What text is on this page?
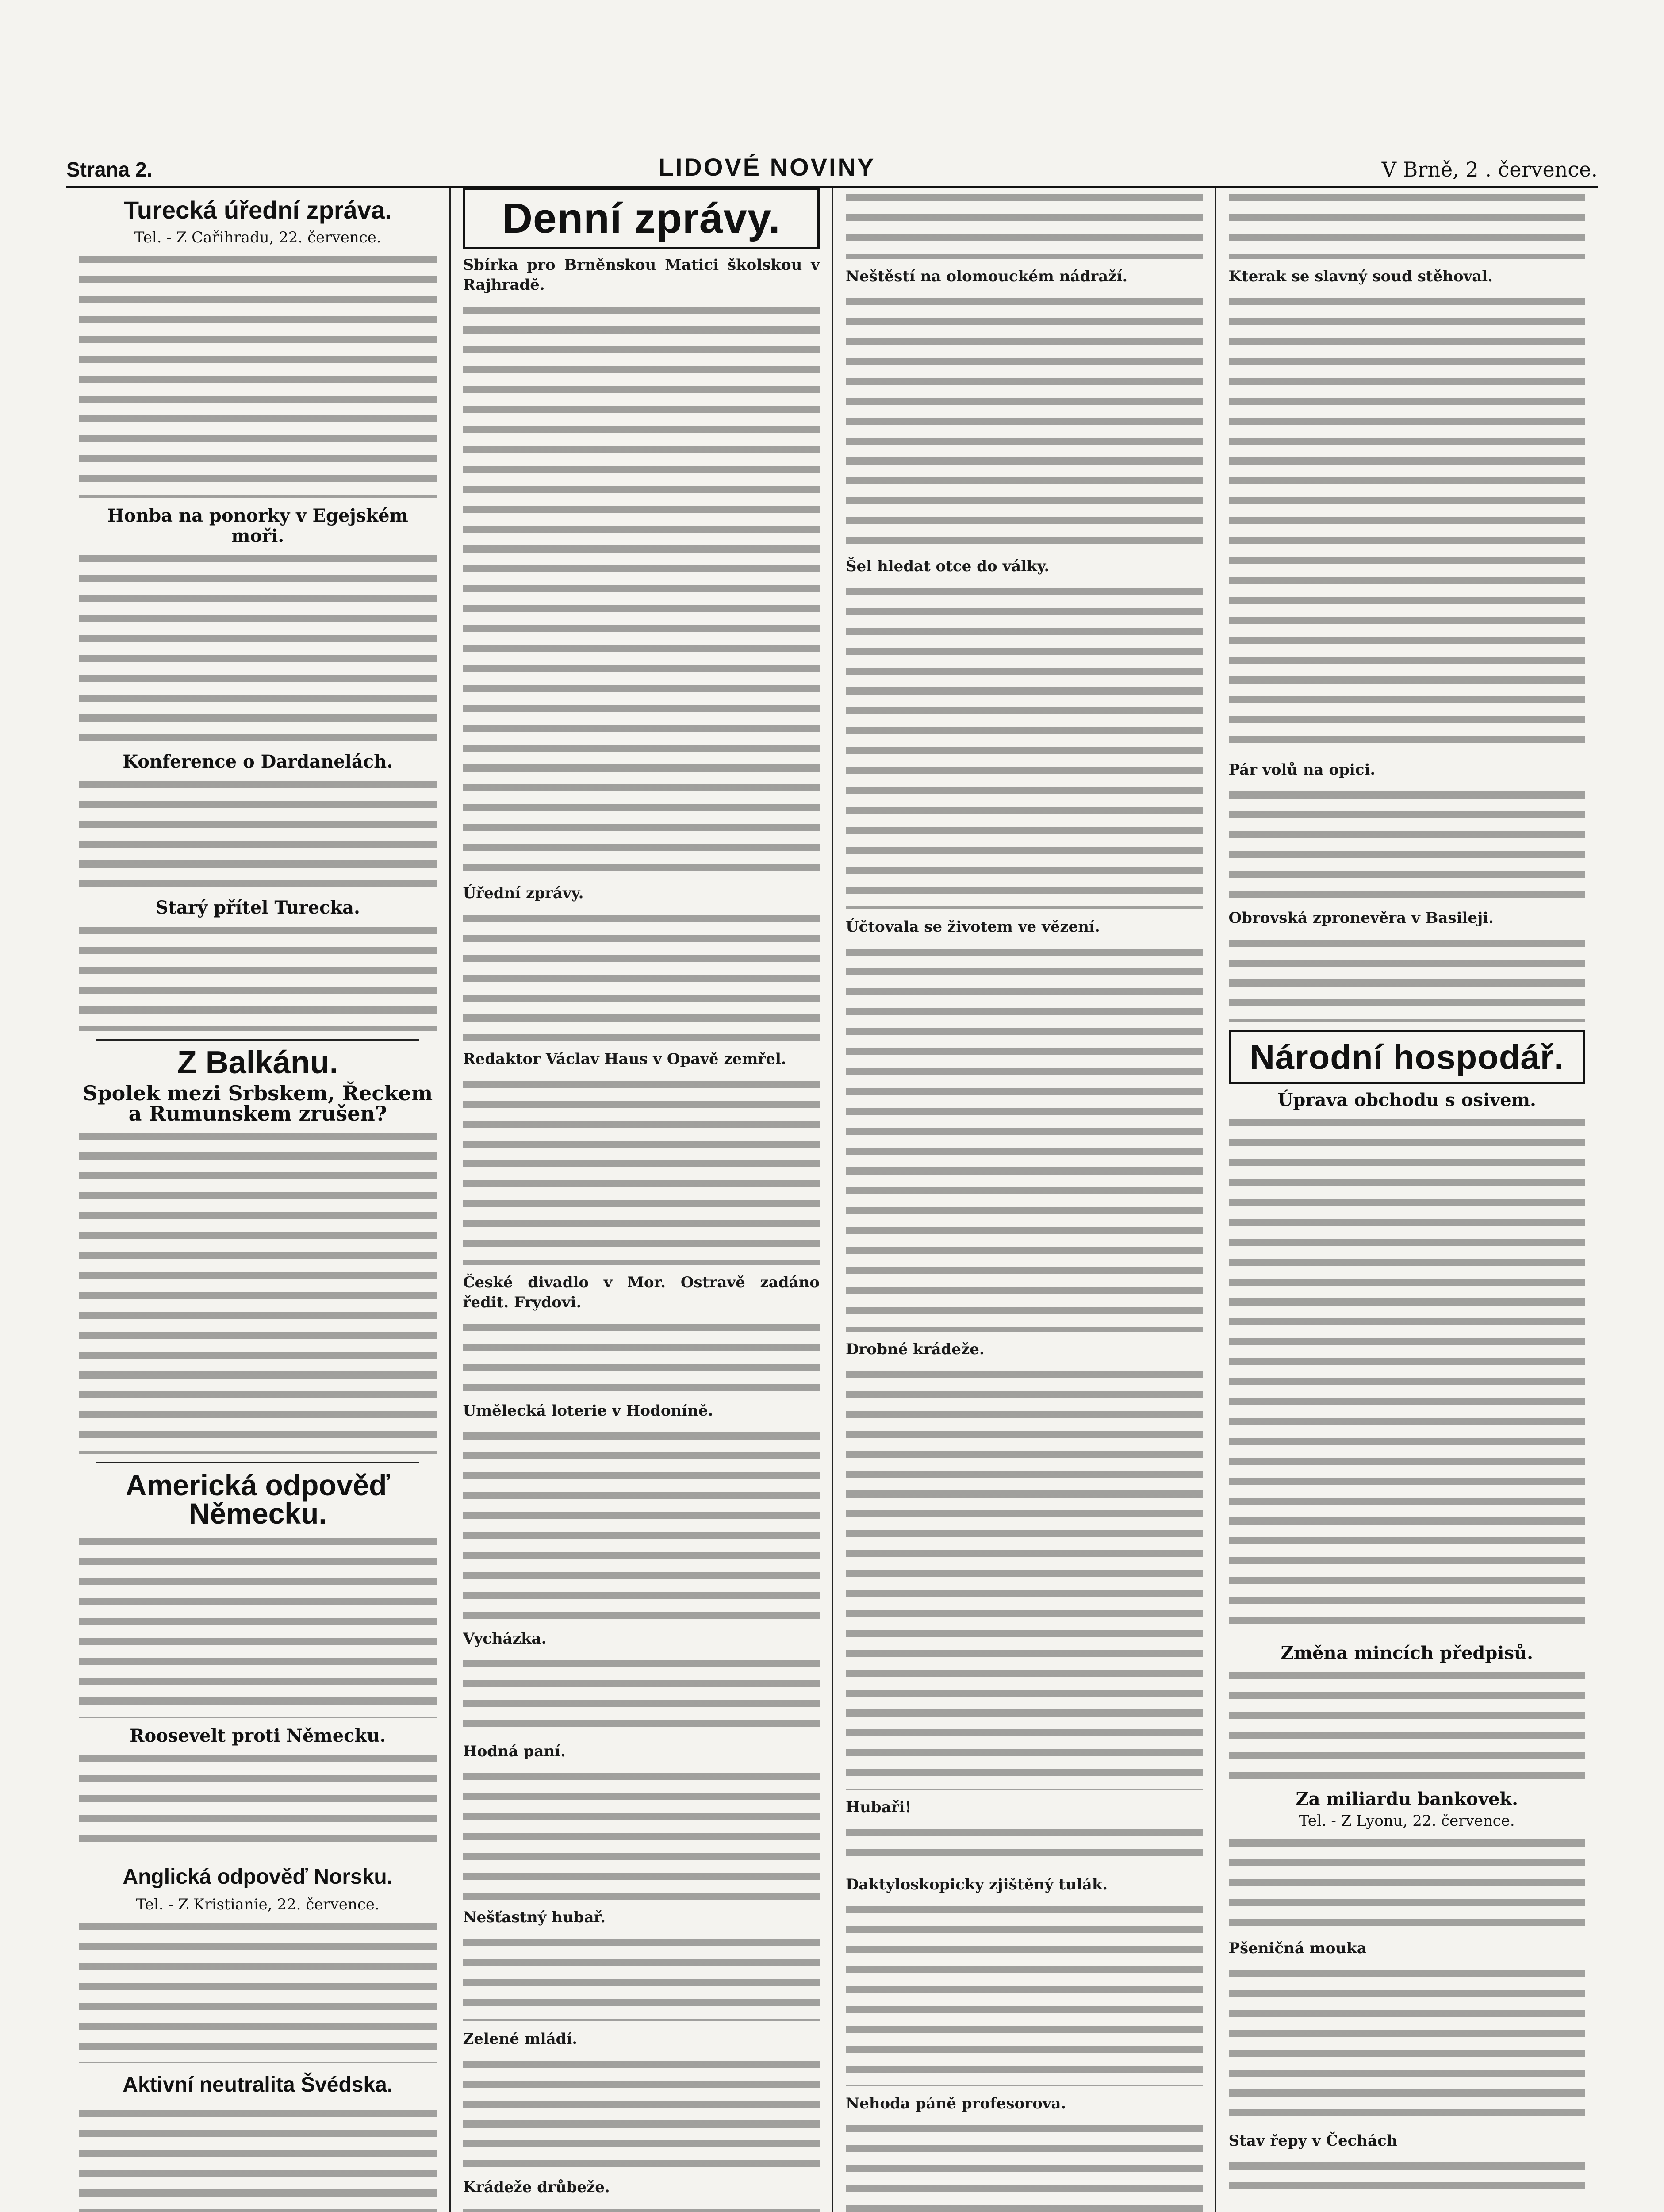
Strana 2.	LIDOVÉ NOVINY	V Brně, 2 . července.
Turecká úřední zpráva.
Tel. - Z Cařihradu, 22. července.
Honba na ponorky v Egejském moři.
Konference o Dardanelách.
Starý přítel Turecka.
Z Balkánu.
Spolek mezi Srbskem, Řeckem a Rumunskem zrušen?
Americká odpověď Německu.
Roosevelt proti Německu.
Anglická odpověď Norsku.
Tel. - Z Kristianie, 22. července.
Aktivní neutralita Švédska.
Denní zprávy.

Sbírka pro Brněnskou Matici školskou v Rajhradě.

Úřední zprávy.

Redaktor Václav Haus v Opavě zemřel.

České divadlo v Mor. Ostravě zadáno ředit. Frydovi.

Umělecká loterie v Hodoníně.

Vycházka.

Hodná paní.

Nešťastný hubař.

Zelené mládí.

Krádeže drůbeže.

Neštěstí na olomouckém nádraží.

Šel hledat otce do války.

Účtovala se životem ve vězení.

Drobné krádeže.

Hubaři!

Daktyloskopicky zjištěný tulák.

Nehoda páně profesorova.

Kterak se slavný soud stěhoval.

Pár volů na opici.

Obrovská zpronevěra v Basileji.

Národní hospodář.
Úprava obchodu s osivem.
Změna mincích předpisů.
Za miliardu bankovek.
Tel. - Z Lyonu, 22. července.

Pšeničná mouka

Stav řepy v Čechách
